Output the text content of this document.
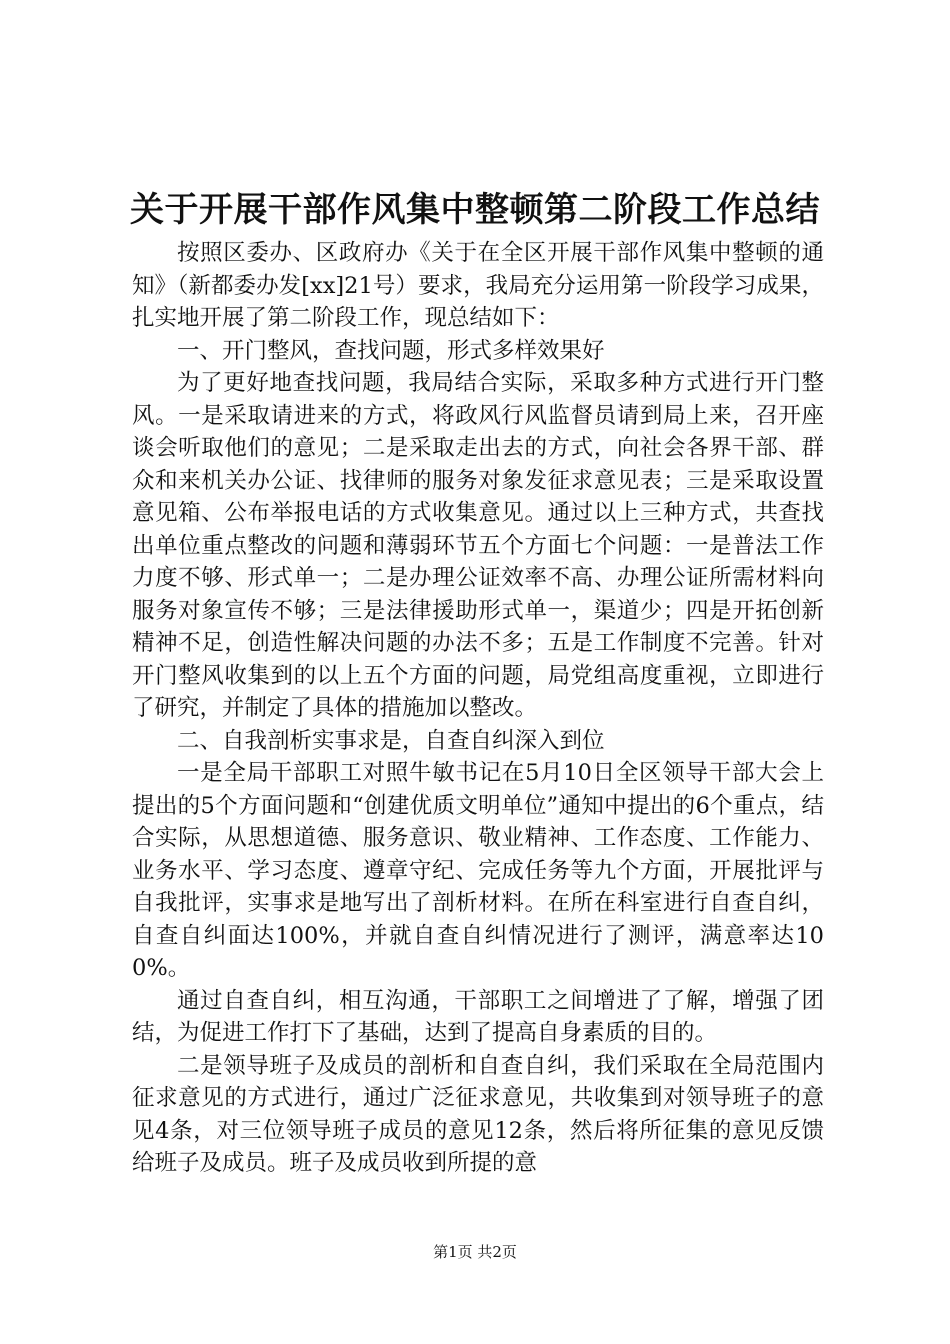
关于开展干部作风集中整顿第二阶段工作总结

按照区委办、区政府办《关于在全区开展干部作风集中整顿的通知》（新都委办发[xx]21号）要求，我局充分运用第一阶段学习成果，扎实地开展了第二阶段工作，现总结如下：

一、开门整风，查找问题，形式多样效果好

为了更好地查找问题，我局结合实际，采取多种方式进行开门整风。一是采取请进来的方式，将政风行风监督员请到局上来，召开座谈会听取他们的意见；二是采取走出去的方式，向社会各界干部、群众和来机关办公证、找律师的服务对象发征求意见表；三是采取设置意见箱、公布举报电话的方式收集意见。通过以上三种方式，共查找出单位重点整改的问题和薄弱环节五个方面七个问题：一是普法工作力度不够、形式单一；二是办理公证效率不高、办理公证所需材料向服务对象宣传不够；三是法律援助形式单一，渠道少；四是开拓创新精神不足，创造性解决问题的办法不多；五是工作制度不完善。针对开门整风收集到的以上五个方面的问题，局党组高度重视，立即进行了研究，并制定了具体的措施加以整改。

二、自我剖析实事求是，自查自纠深入到位

一是全局干部职工对照牛敏书记在5月10日全区领导干部大会上提出的5个方面问题和“创建优质文明单位”通知中提出的6个重点，结合实际，从思想道德、服务意识、敬业精神、工作态度、工作能力、业务水平、学习态度、遵章守纪、完成任务等九个方面，开展批评与自我批评，实事求是地写出了剖析材料。在所在科室进行自查自纠，自查自纠面达100%，并就自查自纠情况进行了测评，满意率达100%。

通过自查自纠，相互沟通，干部职工之间增进了了解，增强了团结，为促进工作打下了基础，达到了提高自身素质的目的。

二是领导班子及成员的剖析和自查自纠，我们采取在全局范围内征求意见的方式进行，通过广泛征求意见，共收集到对领导班子的意见4条，对三位领导班子成员的意见12条，然后将所征集的意见反馈给班子及成员。班子及成员收到所提的意

第1页 共2页
